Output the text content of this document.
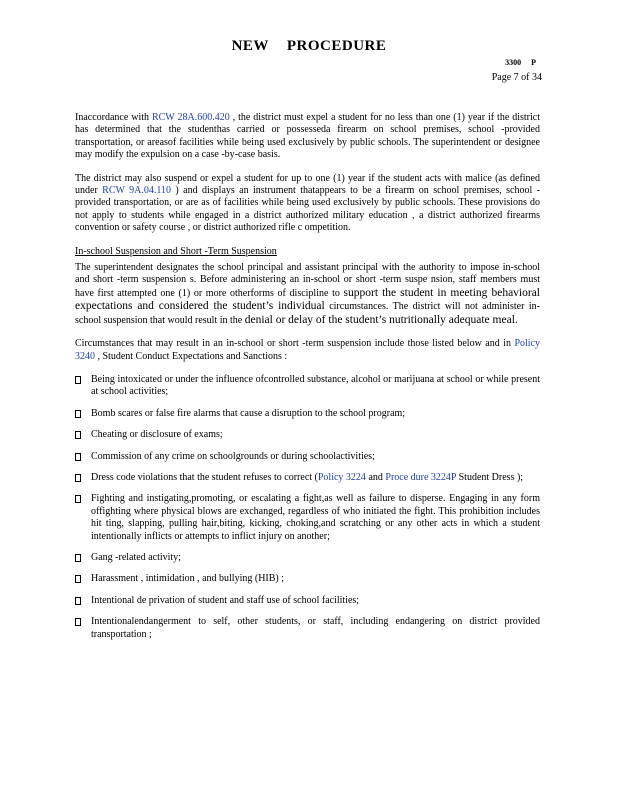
NEW PROCEDURE
3300 P
Page 7 of 34

Inaccordance with RCW 28A.600.420 , the district must expel a student for no less than one (1) year if the district has determined that the studenthas carried or possesseda firearm on school premises, school -provided transportation, or areasof facilities while being used exclusively by public schools. The superintendent or designee may modify the expulsion on a case -by-case basis.

The district may also suspend or expel a student for up to one (1) year if the student acts with malice (as defined under RCW 9A.04.110 ) and displays an instrument thatappears to be a firearm on school premises, school -provided transportation, or are as of facilities while being used exclusively by public schools. These provisions do not apply to students while engaged in a district authorized military education , a district authorized firearms convention or safety course , or district authorized rifle c ompetition.

In-school Suspension and Short -Term Suspension

The superintendent designates the school principal and assistant principal with the authority to impose in-school and short -term suspension s. Before administering an in-school or short -term suspe nsion, staff members must have first attempted one (1) or more otherforms of discipline to support the student in meeting behavioral expectations and considered the student’s individual circumstances. The district will not administer in-school suspension that would result in the denial or delay of the student’s nutritionally adequate meal.

Circumstances that may result in an in-school or short -term suspension include those listed below and in Policy 3240 , Student Conduct Expectations and Sanctions :

Being intoxicated or under the influence ofcontrolled substance, alcohol or marijuana at school or while present at school activities;
Bomb scares or false fire alarms that cause a disruption to the school program;
Cheating or disclosure of exams;
Commission of any crime on schoolgrounds or during schoolactivities;
Dress code violations that the student refuses to correct (Policy 3224 and Proce dure 3224P Student Dress );
Fighting and instigating,promoting, or escalating a fight,as well as failure to disperse. Engaging in any form offighting where physical blows are exchanged, regardless of who initiated the fight. This prohibition includes hit ting, slapping, pulling hair,biting, kicking, choking,and scratching or any other acts in which a student intentionally inflicts or attempts to inflict injury on another;
Gang -related activity;
Harassment , intimidation , and bullying (HIB) ;
Intentional de privation of student and staff use of school facilities;
Intentionalendangerment to self, other students, or staff, including endangering on district provided transportation ;
